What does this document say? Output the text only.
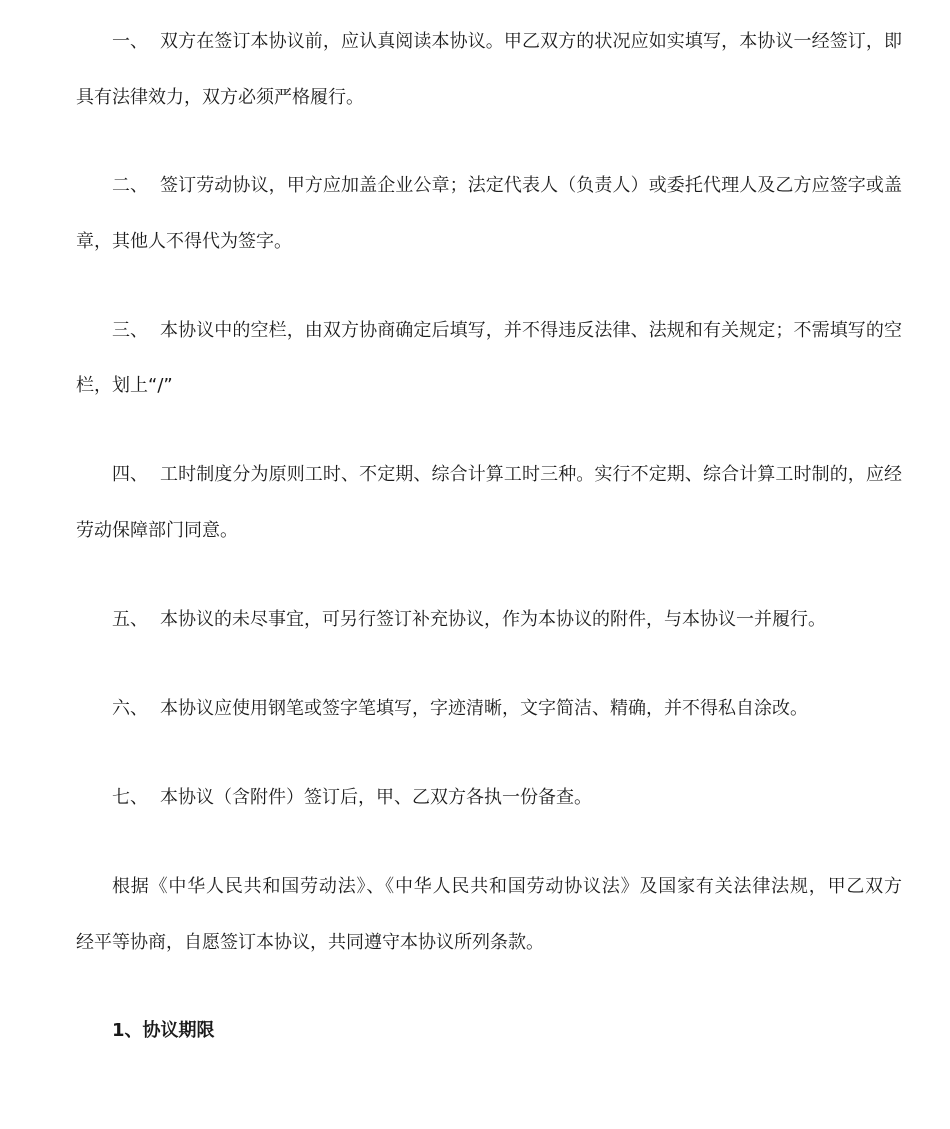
一、 双方在签订本协议前，应认真阅读本协议。甲乙双方的状况应如实填写，本协议一经签订，即
具有法律效力，双方必须严格履行。
二、 签订劳动协议，甲方应加盖企业公章；法定代表人（负责人）或委托代理人及乙方应签字或盖
章，其他人不得代为签字。
三、 本协议中的空栏，由双方协商确定后填写，并不得违反法律、法规和有关规定；不需填写的空
栏，划上“/”
四、 工时制度分为原则工时、不定期、综合计算工时三种。实行不定期、综合计算工时制的，应经
劳动保障部门同意。
五、 本协议的未尽事宜，可另行签订补充协议，作为本协议的附件，与本协议一并履行。
六、 本协议应使用钢笔或签字笔填写，字迹清晰，文字简洁、精确，并不得私自涂改。
七、 本协议（含附件）签订后，甲、乙双方各执一份备查。
根据《中华人民共和国劳动法》、《中华人民共和国劳动协议法》及国家有关法律法规，甲乙双方
经平等协商，自愿签订本协议，共同遵守本协议所列条款。
1、协议期限
